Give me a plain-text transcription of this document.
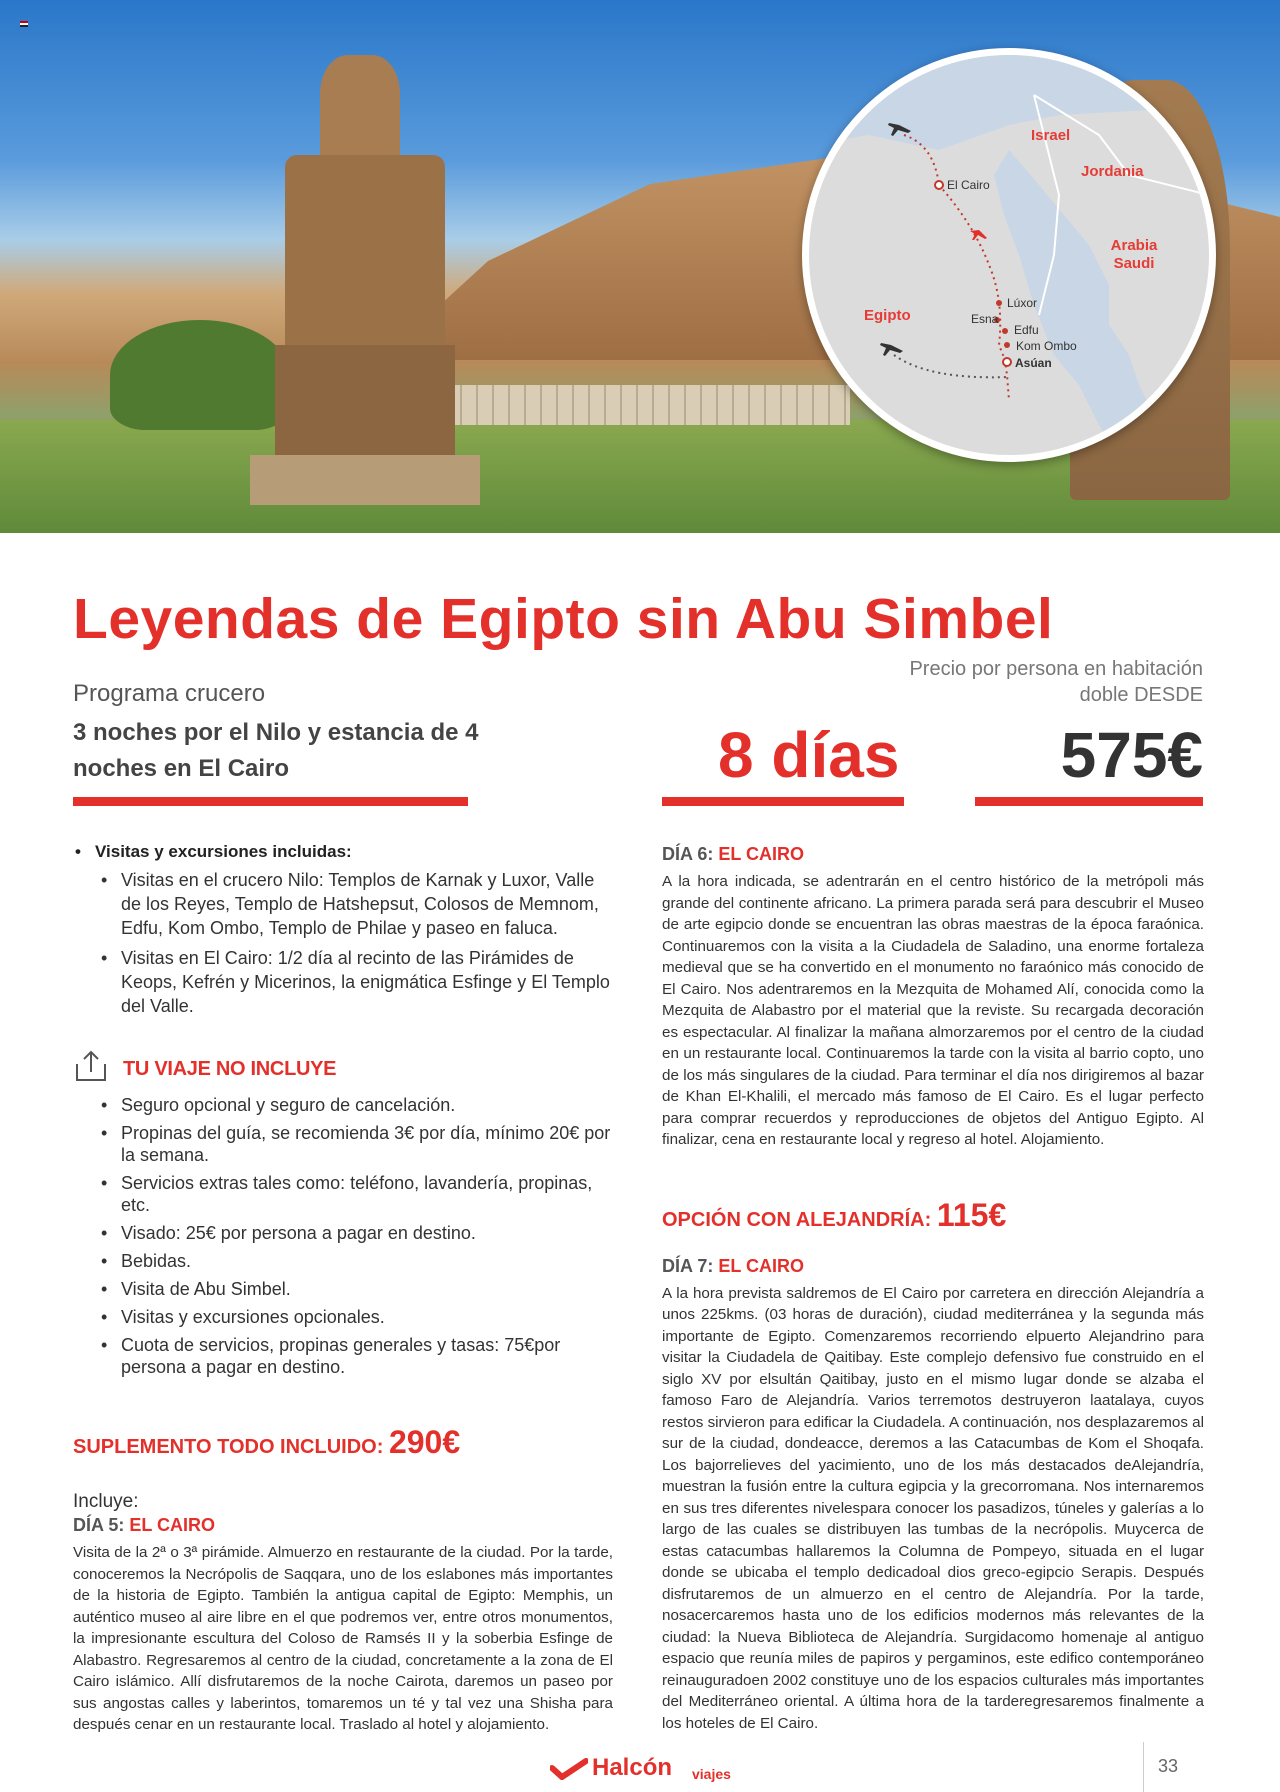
Israel
Jordania
Arabia Saudi
Egipto
El Cairo
Lúxor
Esna
Edfu
Kom Ombo
Asúan
Leyendas de Egipto sin Abu Simbel
Programa crucero
3 noches por el Nilo y estancia de 4 noches en El Cairo	8 días
Precio por persona en habitación doble DESDE
575€
• Visitas y excursiones incluidas:
• Visitas en el crucero Nilo: Templos de Karnak y Luxor, Valle de los Reyes, Templo de Hatshepsut, Colosos de Memnom, Edfu, Kom Ombo, Templo de Philae y paseo en faluca.
• Visitas en El Cairo: 1/2 día al recinto de las Pirámides de Keops, Kefrén y Micerinos, la enigmática Esfinge y El Templo del Valle.
TU VIAJE NO INCLUYE
• Seguro opcional y seguro de cancelación.
• Propinas del guía, se recomienda 3€ por día, mínimo 20€ por la semana.
• Servicios extras tales como: teléfono, lavandería, propinas, etc.
• Visado: 25€ por persona a pagar en destino.
• Bebidas.
• Visita de Abu Simbel.
• Visitas y excursiones opcionales.
• Cuota de servicios, propinas generales y tasas: 75€por persona a pagar en destino.
SUPLEMENTO TODO INCLUIDO: 290€
Incluye:
DÍA 5: EL CAIRO
Visita de la 2ª o 3ª pirámide. Almuerzo en restaurante de la ciudad. Por la tarde, conoceremos la Necrópolis de Saqqara, uno de los eslabones más importantes de la historia de Egipto. También la antigua capital de Egipto: Memphis, un auténtico museo al aire libre en el que podremos ver, entre otros monumentos, la impresionante escultura del Coloso de Ramsés II y la soberbia Esfinge de Alabastro. Regresaremos al centro de la ciudad, concretamente a la zona de El Cairo islámico. Allí disfrutaremos de la noche Cairota, daremos un paseo por sus angostas calles y laberintos, tomaremos un té y tal vez una Shisha para después cenar en un restaurante local. Traslado al hotel y alojamiento.
DÍA 6: EL CAIRO
A la hora indicada, se adentrarán en el centro histórico de la metrópoli más grande del continente africano. La primera parada será para descubrir el Museo de arte egipcio donde se encuentran las obras maestras de la época faraónica. Continuaremos con la visita a la Ciudadela de Saladino, una enorme fortaleza medieval que se ha convertido en el monumento no faraónico más conocido de El Cairo. Nos adentraremos en la Mezquita de Mohamed Alí, conocida como la Mezquita de Alabastro por el material que la reviste. Su recargada decoración es espectacular. Al finalizar la mañana almorzaremos por el centro de la ciudad en un restaurante local. Continuaremos la tarde con la visita al barrio copto, uno de los más singulares de la ciudad. Para terminar el día nos dirigiremos al bazar de Khan El-Khalili, el mercado más famoso de El Cairo. Es el lugar perfecto para comprar recuerdos y reproducciones de objetos del Antiguo Egipto. Al finalizar, cena en restaurante local y regreso al hotel. Alojamiento.
OPCIÓN CON ALEJANDRÍA: 115€
DÍA 7: EL CAIRO
A la hora prevista saldremos de El Cairo por carretera en dirección Alejandría a unos 225kms. (03 horas de duración), ciudad mediterránea y la segunda más importante de Egipto. Comenzaremos recorriendo elpuerto Alejandrino para visitar la Ciudadela de Qaitibay. Este complejo defensivo fue construido en el siglo XV por elsultán Qaitibay, justo en el mismo lugar donde se alzaba el famoso Faro de Alejandría. Varios terremotos destruyeron laatalaya, cuyos restos sirvieron para edificar la Ciudadela. A continuación, nos desplazaremos al sur de la ciudad, dondeacce, deremos a las Catacumbas de Kom el Shoqafa. Los bajorrelieves del yacimiento, uno de los más destacados deAlejandría, muestran la fusión entre la cultura egipcia y la grecorromana. Nos internaremos en sus tres diferentes nivelespara conocer los pasadizos, túneles y galerías a lo largo de las cuales se distribuyen las tumbas de la necrópolis. Muycerca de estas catacumbas hallaremos la Columna de Pompeyo, situada en el lugar donde se ubicaba el templo dedicadoal dios greco-egipcio Serapis. Después disfrutaremos de un almuerzo en el centro de Alejandría. Por la tarde, nosacercaremos hasta uno de los edificios modernos más relevantes de la ciudad: la Nueva Biblioteca de Alejandría. Surgidacomo homenaje al antiguo espacio que reunía miles de papiros y pergaminos, este edifico contemporáneo reinauguradoen 2002 constituye uno de los espacios culturales más importantes del Mediterráneo oriental. A última hora de la tarderegresaremos finalmente a los hoteles de El Cairo.
Halcón viajes	33
